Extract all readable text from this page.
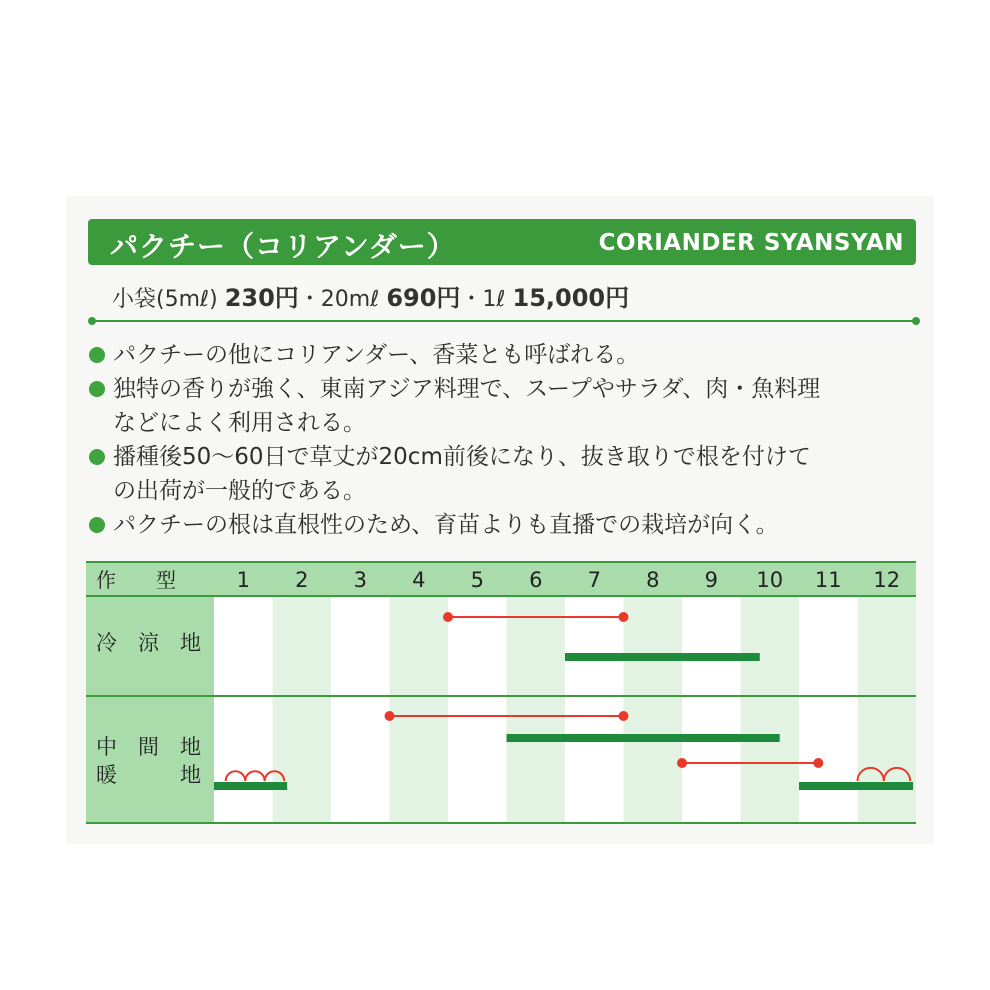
パクチー（コリアンダー）	CORIANDER SYANSYAN
小袋(5mℓ) 230円・20mℓ 690円・1ℓ 15,000円
パクチーの他にコリアンダー、香菜とも呼ばれる。
独特の香りが強く、東南アジア料理で、スープやサラダ、肉・魚料理
などによく利用される。
播種後50〜60日で草丈が20cm前後になり、抜き取りで根を付けて
の出荷が一般的である。
パクチーの根は直根性のため、育苗よりも直播での栽培が向く。
作　　型	1 2 3 4 5 6 7 8 9 10 11 12
冷　涼　地
中　間　地
暖　　　地
